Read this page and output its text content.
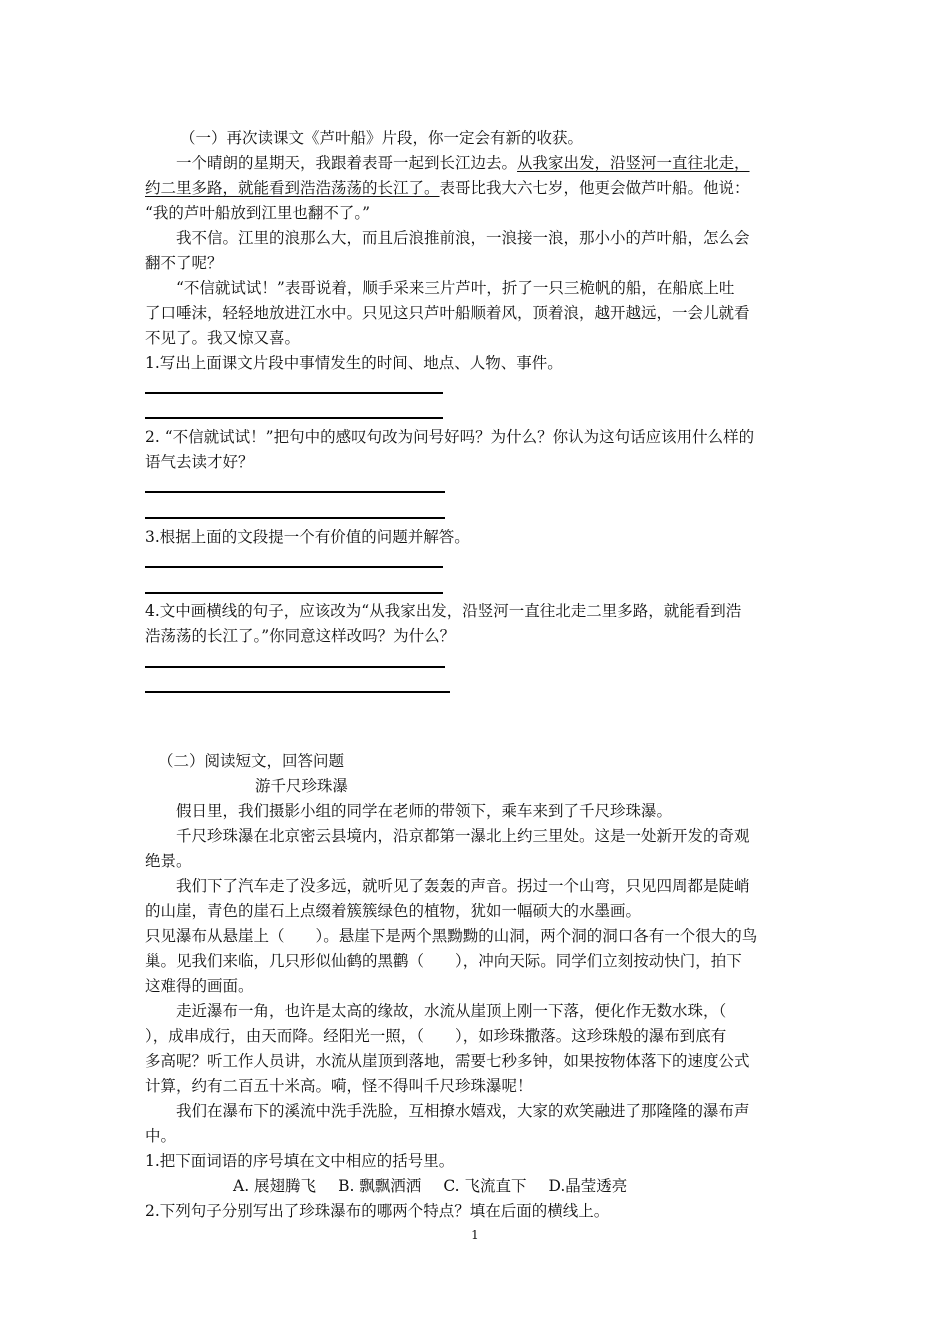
（一）再次读课文《芦叶船》片段，你一定会有新的收获。
一个晴朗的星期天，我跟着表哥一起到长江边去。从我家出发，沿竖河一直往北走，
约二里多路，就能看到浩浩荡荡的长江了。表哥比我大六七岁，他更会做芦叶船。他说：
“我的芦叶船放到江里也翻不了。”
我不信。江里的浪那么大，而且后浪推前浪，一浪接一浪，那小小的芦叶船，怎么会
翻不了呢？
“不信就试试！”表哥说着，顺手采来三片芦叶，折了一只三桅帆的船，在船底上吐
了口唾沫，轻轻地放进江水中。只见这只芦叶船顺着风，顶着浪，越开越远，一会儿就看
不见了。我又惊又喜。
1.写出上面课文片段中事情发生的时间、地点、人物、事件。
2. “不信就试试！”把句中的感叹句改为问号好吗？为什么？你认为这句话应该用什么样的
语气去读才好？
3.根据上面的文段提一个有价值的问题并解答。
4.文中画横线的句子，应该改为“从我家出发，沿竖河一直往北走二里多路，就能看到浩
浩荡荡的长江了。”你同意这样改吗？为什么？
（二）阅读短文，回答问题
游千尺珍珠瀑
假日里，我们摄影小组的同学在老师的带领下，乘车来到了千尺珍珠瀑。
千尺珍珠瀑在北京密云县境内，沿京都第一瀑北上约三里处。这是一处新开发的奇观
绝景。
我们下了汽车走了没多远，就听见了轰轰的声音。拐过一个山弯，只见四周都是陡峭
的山崖，青色的崖石上点缀着簇簇绿色的植物，犹如一幅硕大的水墨画。
只见瀑布从悬崖上（　　）。悬崖下是两个黑黝黝的山洞，两个洞的洞口各有一个很大的鸟
巢。见我们来临，几只形似仙鹤的黑鹳（　　），冲向天际。同学们立刻按动快门，拍下
这难得的画面。
走近瀑布一角，也许是太高的缘故，水流从崖顶上刚一下落，便化作无数水珠，（
），成串成行，由天而降。经阳光一照，（　　），如珍珠撒落。这珍珠般的瀑布到底有
多高呢？听工作人员讲，水流从崖顶到落地，需要七秒多钟，如果按物体落下的速度公式
计算，约有二百五十米高。嗬，怪不得叫千尺珍珠瀑呢！
我们在瀑布下的溪流中洗手洗脸，互相撩水嬉戏，大家的欢笑融进了那隆隆的瀑布声
中。
1.把下面词语的序号填在文中相应的括号里。
A. 展翅腾飞 B. 飘飘洒洒 C. 飞流直下 D.晶莹透亮
2.下列句子分别写出了珍珠瀑布的哪两个特点？填在后面的横线上。
1
